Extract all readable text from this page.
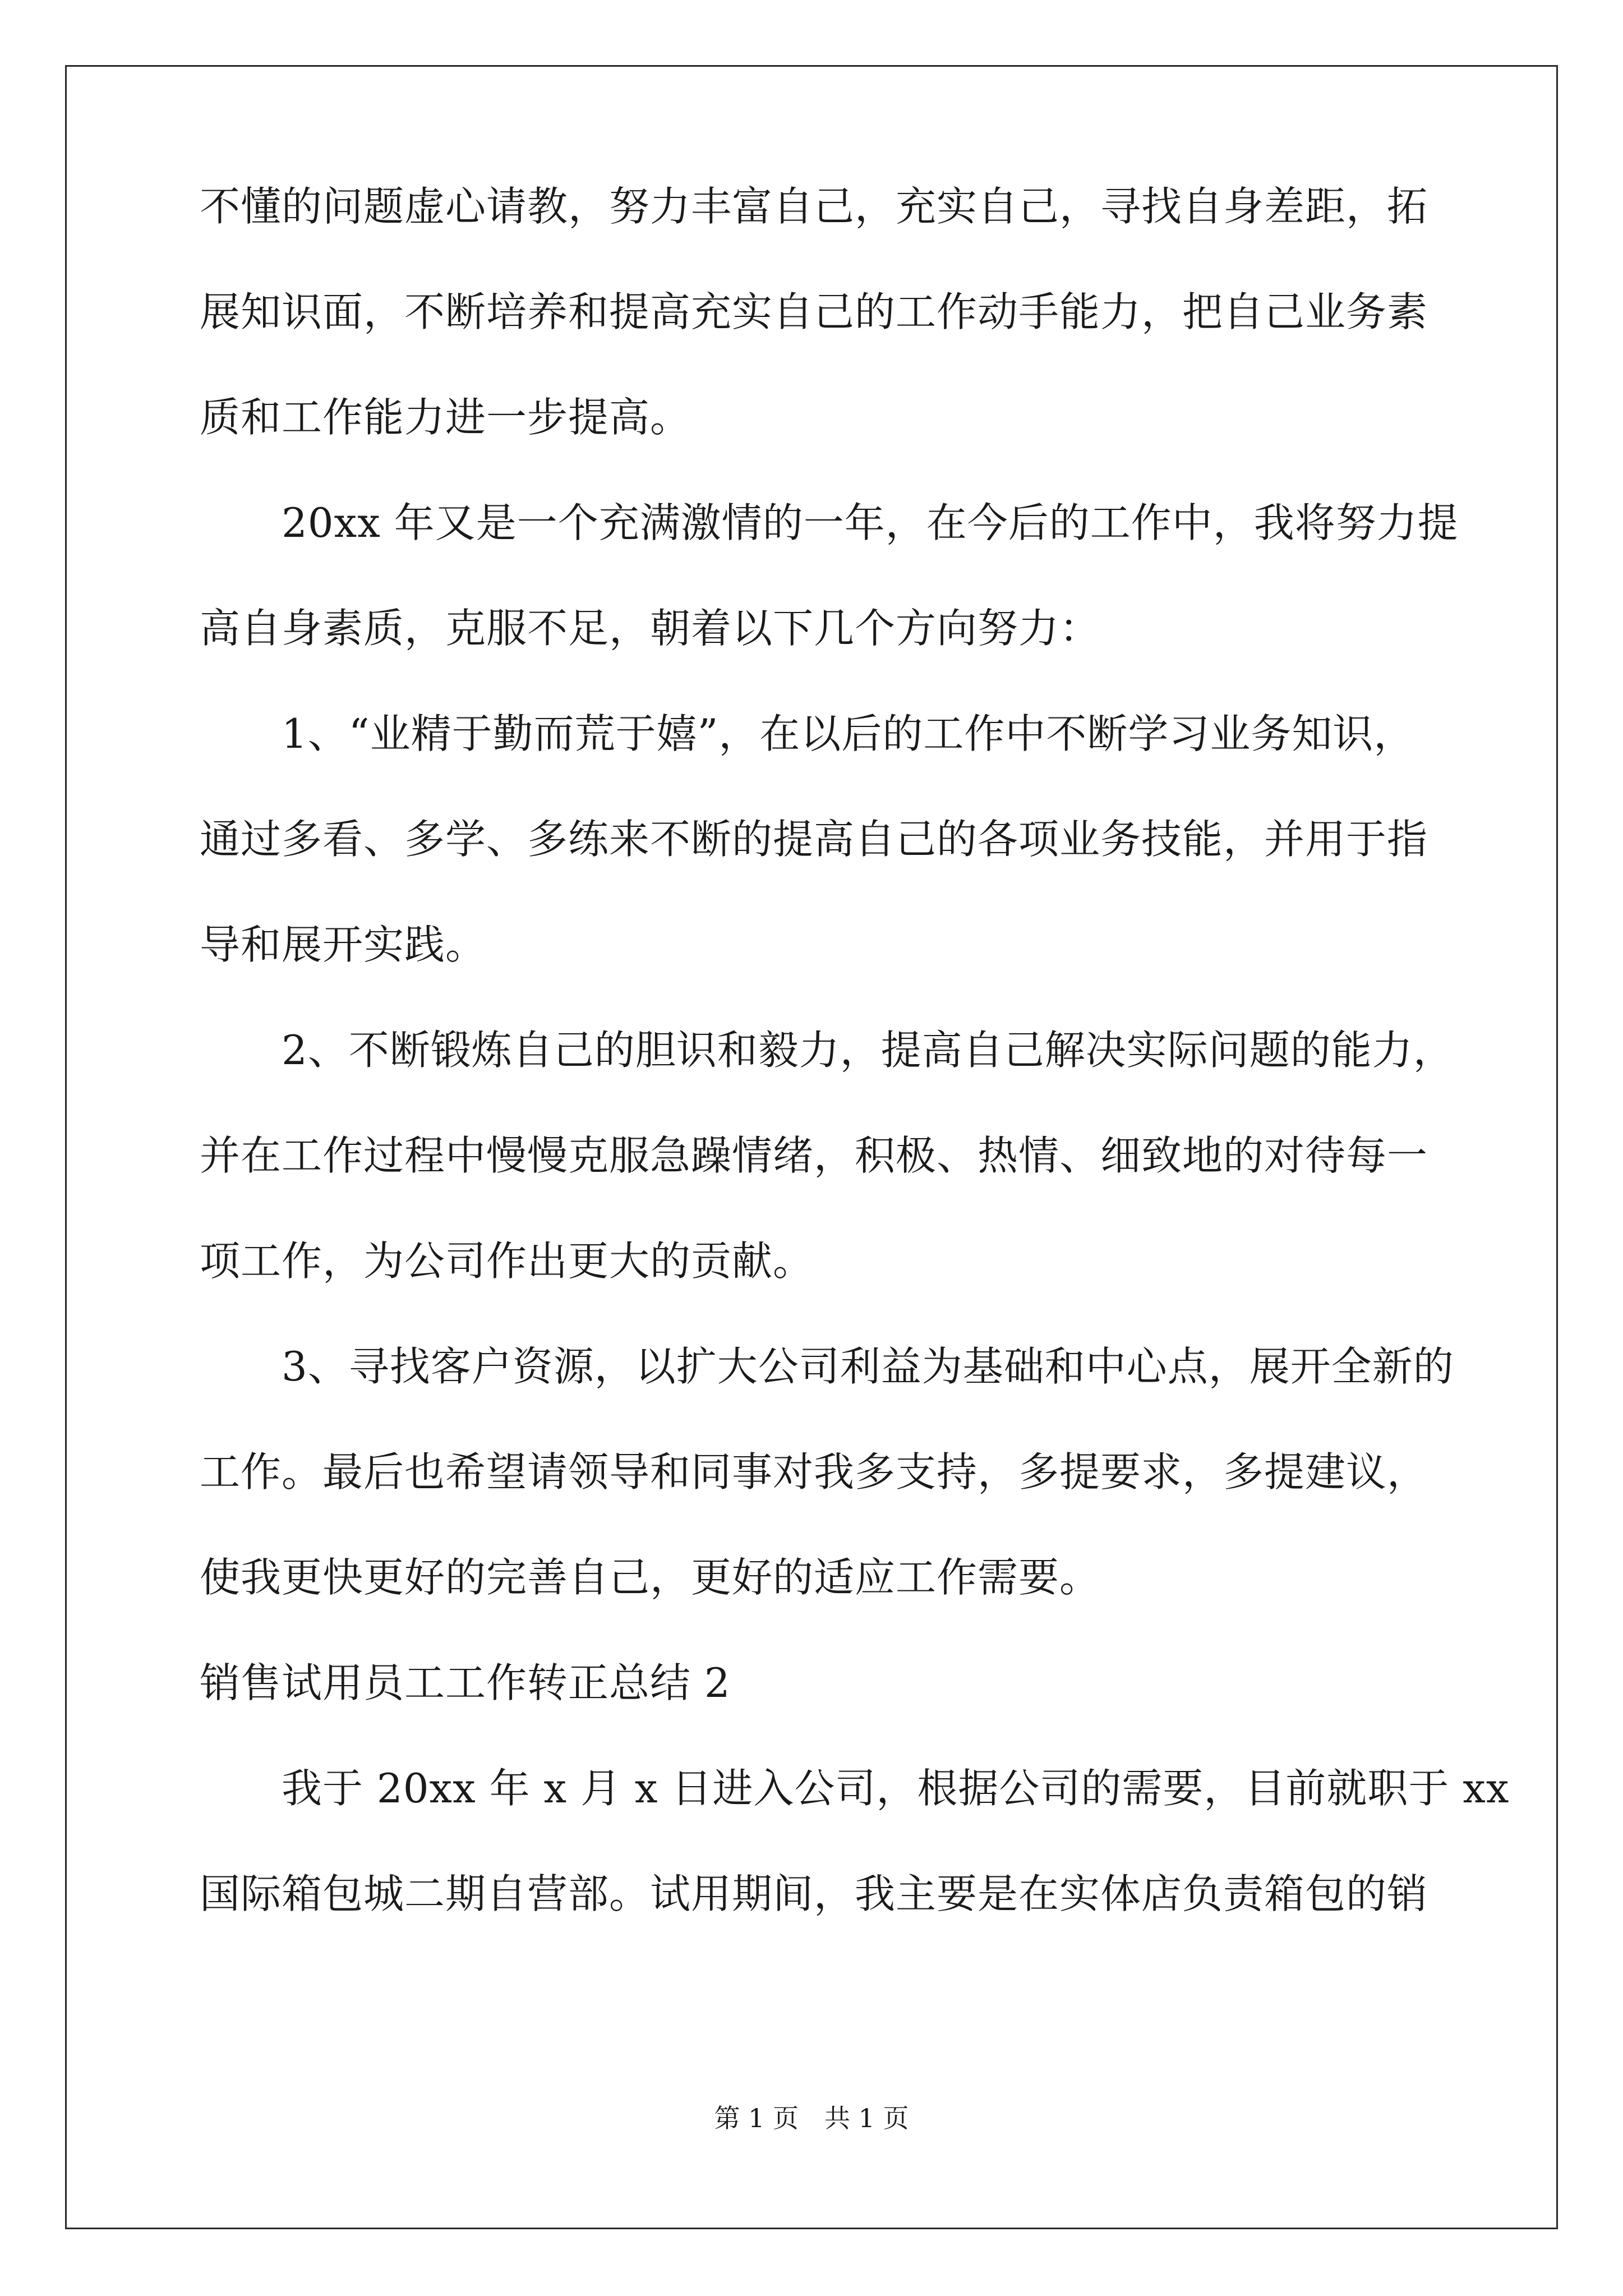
不懂的问题虚心请教，努力丰富自己，充实自己，寻找自身差距，拓
展知识面，不断培养和提高充实自己的工作动手能力，把自己业务素
质和工作能力进一步提高。
　　20xx 年又是一个充满激情的一年，在今后的工作中，我将努力提
高自身素质，克服不足，朝着以下几个方向努力：
　　1、“业精于勤而荒于嬉”，在以后的工作中不断学习业务知识，
通过多看、多学、多练来不断的提高自己的各项业务技能，并用于指
导和展开实践。
　　2、不断锻炼自己的胆识和毅力，提高自己解决实际问题的能力，
并在工作过程中慢慢克服急躁情绪，积极、热情、细致地的对待每一
项工作，为公司作出更大的贡献。
　　3、寻找客户资源，以扩大公司利益为基础和中心点，展开全新的
工作。最后也希望请领导和同事对我多支持，多提要求，多提建议，
使我更快更好的完善自己，更好的适应工作需要。
销售试用员工工作转正总结 2
　　我于 20xx 年 x 月 x 日进入公司，根据公司的需要，目前就职于 xx
国际箱包城二期自营部。试用期间，我主要是在实体店负责箱包的销
第 1 页　共 1 页
